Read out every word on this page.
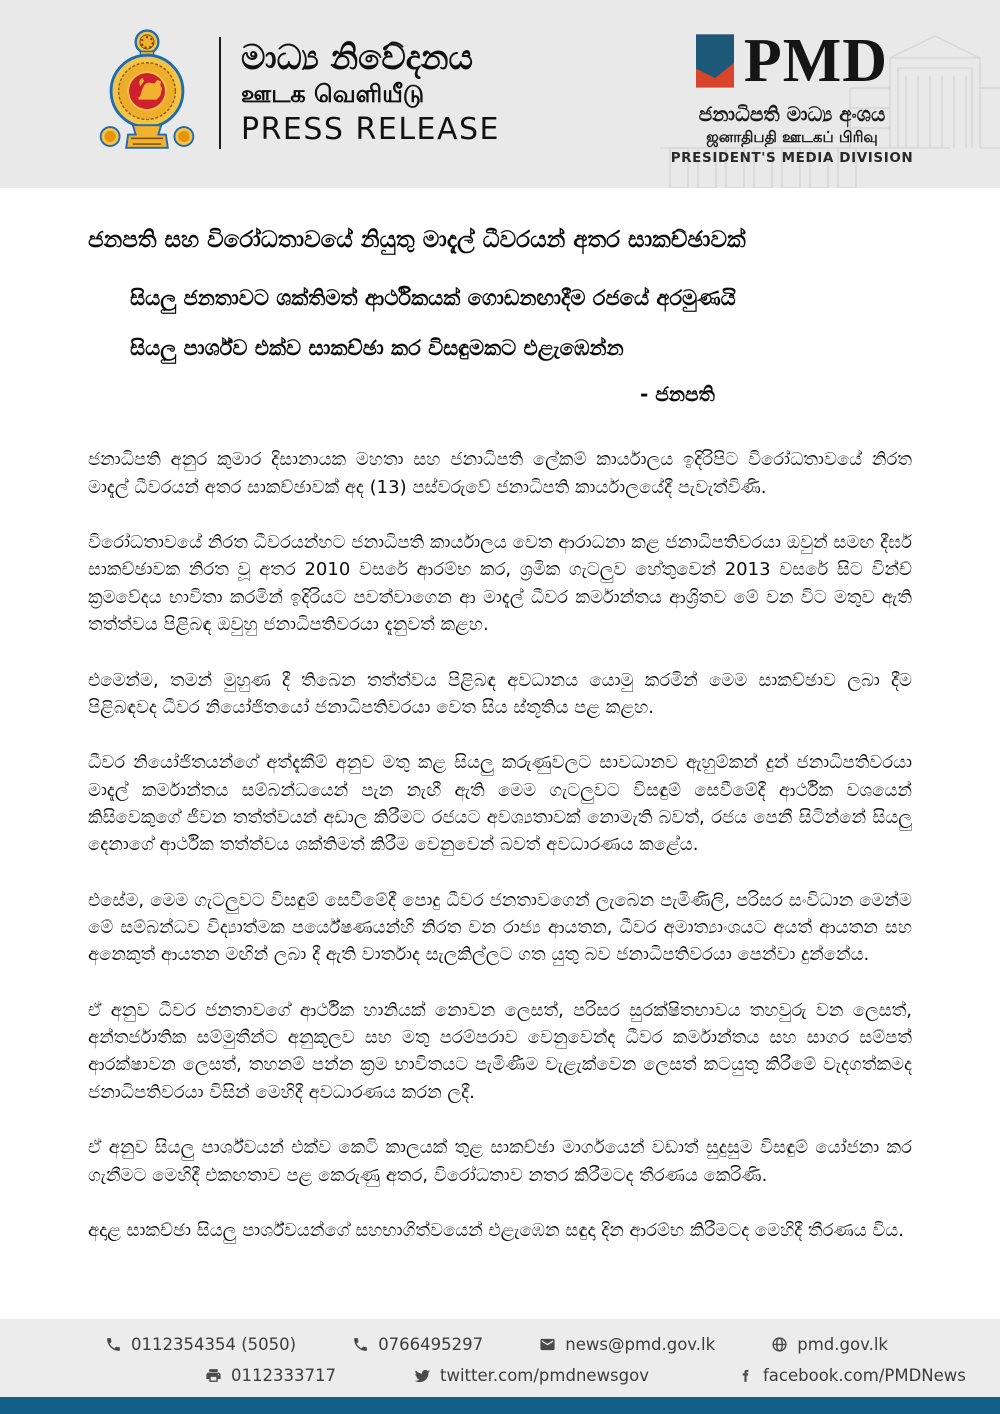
මාධ්‍ය නිවේදනය
ஊடக வெளியீடு
PRESS RELEASE
PMD
ජනාධිපති මාධ්‍ය අංශය
ஜனாதிபதி ஊடகப் பிரிவு
PRESIDENT'S MEDIA DIVISION
ජනපති සහ විරෝධතාවයේ නියුතු මාදැල් ධීවරයන් අතර සාකච්ඡාවක්
සියලු ජනතාවට ශක්තිමත් ආර්ථිකයක් ගොඩනඟාදීම රජයේ අරමුණයි
සියලු පාර්ශ්ව එක්ව සාකච්ඡා කර විසඳුමකට එළැඹෙන්න
- ජනපති

ජනාධිපති අනුර කුමාර දිසානායක මහතා සහ ජනාධිපති ලේකම් කාර්යාලය ඉදිරිපිට විරෝධතාවයේ නිරත මාදැල් ධීවරයන් අතර සාකච්ඡාවක් අද (13) පස්වරුවේ ජනාධිපති කාර්යාලයේදී පැවැත්විණි.

විරෝධතාවයේ නිරත ධීවරයන්හට ජනාධිපති කාර්යාලය වෙත ආරාධනා කළ ජනාධිපතිවරයා ඔවුන් සමඟ දීර්ඝ සාකච්ඡාවක නිරත වූ අතර 2010 වසරේ ආරම්භ කර, ශ්‍රමික ගැටලුව හේතුවෙන් 2013 වසරේ සිට වින්ච් ක්‍රමවේදය භාවිතා කරමින් ඉදිරියට පවත්වාගෙන ආ මාදැල් ධීවර කර්මාන්තය ආශ්‍රිතව මේ වන විට මතුව ඇති තත්ත්වය පිළිබඳ ඔවුහු ජනාධිපතිවරයා දැනුවත් කළහ.

එමෙන්ම, තමන් මුහුණ දී තිබෙන තත්ත්වය පිළිබඳ අවධානය යොමු කරමින් මෙම සාකච්ඡාව ලබා දීම පිළිබඳවද ධීවර නියෝජිතයෝ ජනාධිපතිවරයා වෙත සිය ස්තූතිය පළ කළහ.

ධීවර නියෝජිතයන්ගේ අත්දැකීම් අනුව මතු කළ සියලු කරුණුවලට සාවධානව ඇහුම්කන් දුන් ජනාධිපතිවරයා මාදැල් කර්මාන්තය සම්බන්ධයෙන් පැන නැඟී ඇති මෙම ගැටලුවට විසඳුම් සෙවීමේදී ආර්ථික වශයෙන් කිසිවෙකුගේ ජීවන තත්ත්වයන් අඩාල කිරීමට රජයට අවශ්‍යතාවක් නොමැති බවත්, රජය පෙනී සිටින්නේ සියලු දෙනාගේ ආර්ථික තත්ත්වය ශක්තිමත් කිරීම වෙනුවෙන් බවත් අවධාරණය කළේය.

එසේම, මෙම ගැටලුවට විසඳුම් සෙවීමේදී පොදු ධීවර ජනතාවගෙන් ලැබෙන පැමිණිලි, පරිසර සංවිධාන මෙන්ම මේ සම්බන්ධව විද්‍යාත්මක පර්යේෂණයන්හි නිරත වන රාජ්‍ය ආයතන, ධීවර අමාත්‍යාංශයට අයත් ආයතන සහ අනෙකුත් ආයතන මඟින් ලබා දී ඇති වාර්තාද සැලකිල්ලට ගත යුතු බව ජනාධිපතිවරයා පෙන්වා දුන්නේය.

ඒ අනුව ධීවර ජනතාවගේ ආර්ථික හානියක් නොවන ලෙසත්, පරිසර සුරක්ෂිතභාවය තහවුරු වන ලෙසත්, අන්තර්ජාතික සම්මුතීන්ට අනුකූලව සහ මතු පරම්පරාව වෙනුවෙන්ද ධීවර කර්මාන්තය සහ සාගර සම්පත් ආරක්ෂාවන ලෙසත්, තහනම් පන්න ක්‍රම භාවිතයට පැමිණීම වැළැක්වෙන ලෙසත් කටයුතු කිරීමේ වැදගත්කමද ජනාධිපතිවරයා විසින් මෙහිදී අවධාරණය කරන ලදී.

ඒ අනුව සියලු පාර්ශ්වයන් එක්ව කෙටි කාලයක් තුළ සාකච්ඡා මාර්ගයෙන් වඩාත් සුදුසුම විසඳුම් යෝජනා කර ගැනීමට මෙහිදී එකඟතාව පළ කෙරුණු අතර, විරෝධතාව නතර කිරීමටද තීරණය කෙරිණි.

අදාළ සාකච්ඡා සියලු පාර්ශ්වයන්ගේ සහභාගිත්වයෙන් එළැඹෙන සඳුදා දින ආරම්භ කිරීමටද මෙහිදී තීරණය විය.

0112354354 (5050)	0766495297	news@pmd.gov.lk	pmd.gov.lk
0112333717	twitter.com/pmdnewsgov	facebook.com/PMDNews
